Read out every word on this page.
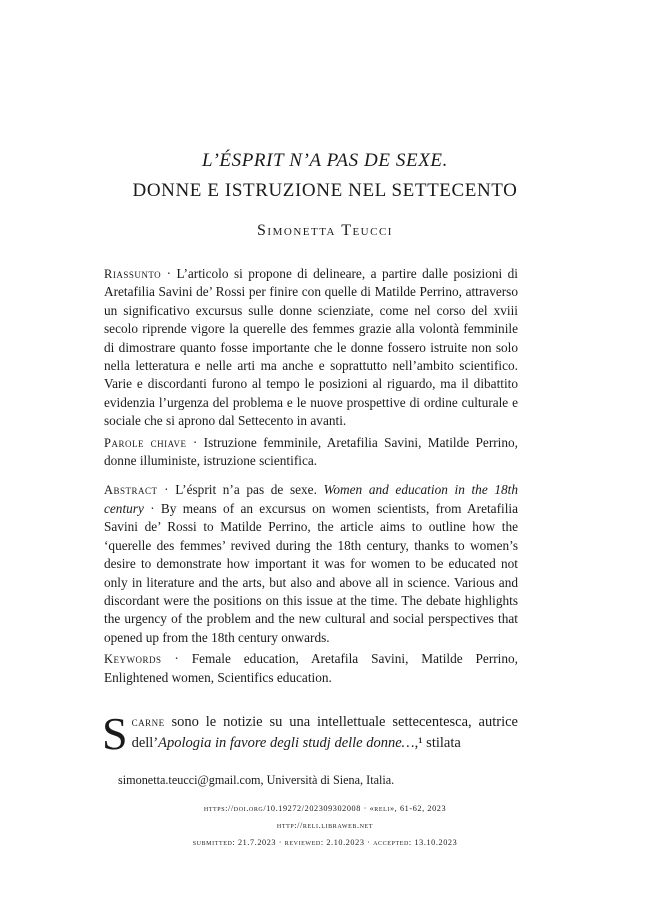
L’ÉSPRIT N’A PAS DE SEXE.
DONNE E ISTRUZIONE NEL SETTECENTO
Simonetta Teucci

Riassunto · L’articolo si propone di delineare, a partire dalle posizioni di Aretafilia Savini de’ Rossi per finire con quelle di Matilde Perrino, attraverso un significativo excursus sulle donne scienziate, come nel corso del xviii secolo riprende vigore la querelle des femmes grazie alla volontà femminile di dimostrare quanto fosse importante che le donne fossero istruite non solo nella letteratura e nelle arti ma anche e soprattutto nell’ambito scientifico. Varie e discordanti furono al tempo le posizioni al riguardo, ma il dibattito evidenzia l’urgenza del problema e le nuove prospettive di ordine culturale e sociale che si aprono dal Settecento in avanti.

Parole chiave · Istruzione femminile, Aretafilia Savini, Matilde Perrino, donne illuministe, istruzione scientifica.

Abstract · L’ésprit n’a pas de sexe. Women and education in the 18th century · By means of an excursus on women scientists, from Aretafilia Savini de’ Rossi to Matilde Perrino, the article aims to outline how the ‘querelle des femmes’ revived during the 18th century, thanks to women’s desire to demonstrate how important it was for women to be educated not only in literature and the arts, but also and above all in science. Various and discordant were the positions on this issue at the time. The debate highlights the urgency of the problem and the new cultural and social perspectives that opened up from the 18th century onwards.

Keywords · Female education, Aretafila Savini, Matilde Perrino, Enlightened women, Scientifics education.

Scarne sono le notizie su una intellettuale settecentesca, autrice dell’Apologia in favore degli studj delle donne…,¹ stilata
simonetta.teucci@gmail.com, Università di Siena, Italia.
https://doi.org/10.19272/202309302008 · «reli», 61-62, 2023
http://reli.libraweb.net
submitted: 21.7.2023 · reviewed: 2.10.2023 · accepted: 13.10.2023
